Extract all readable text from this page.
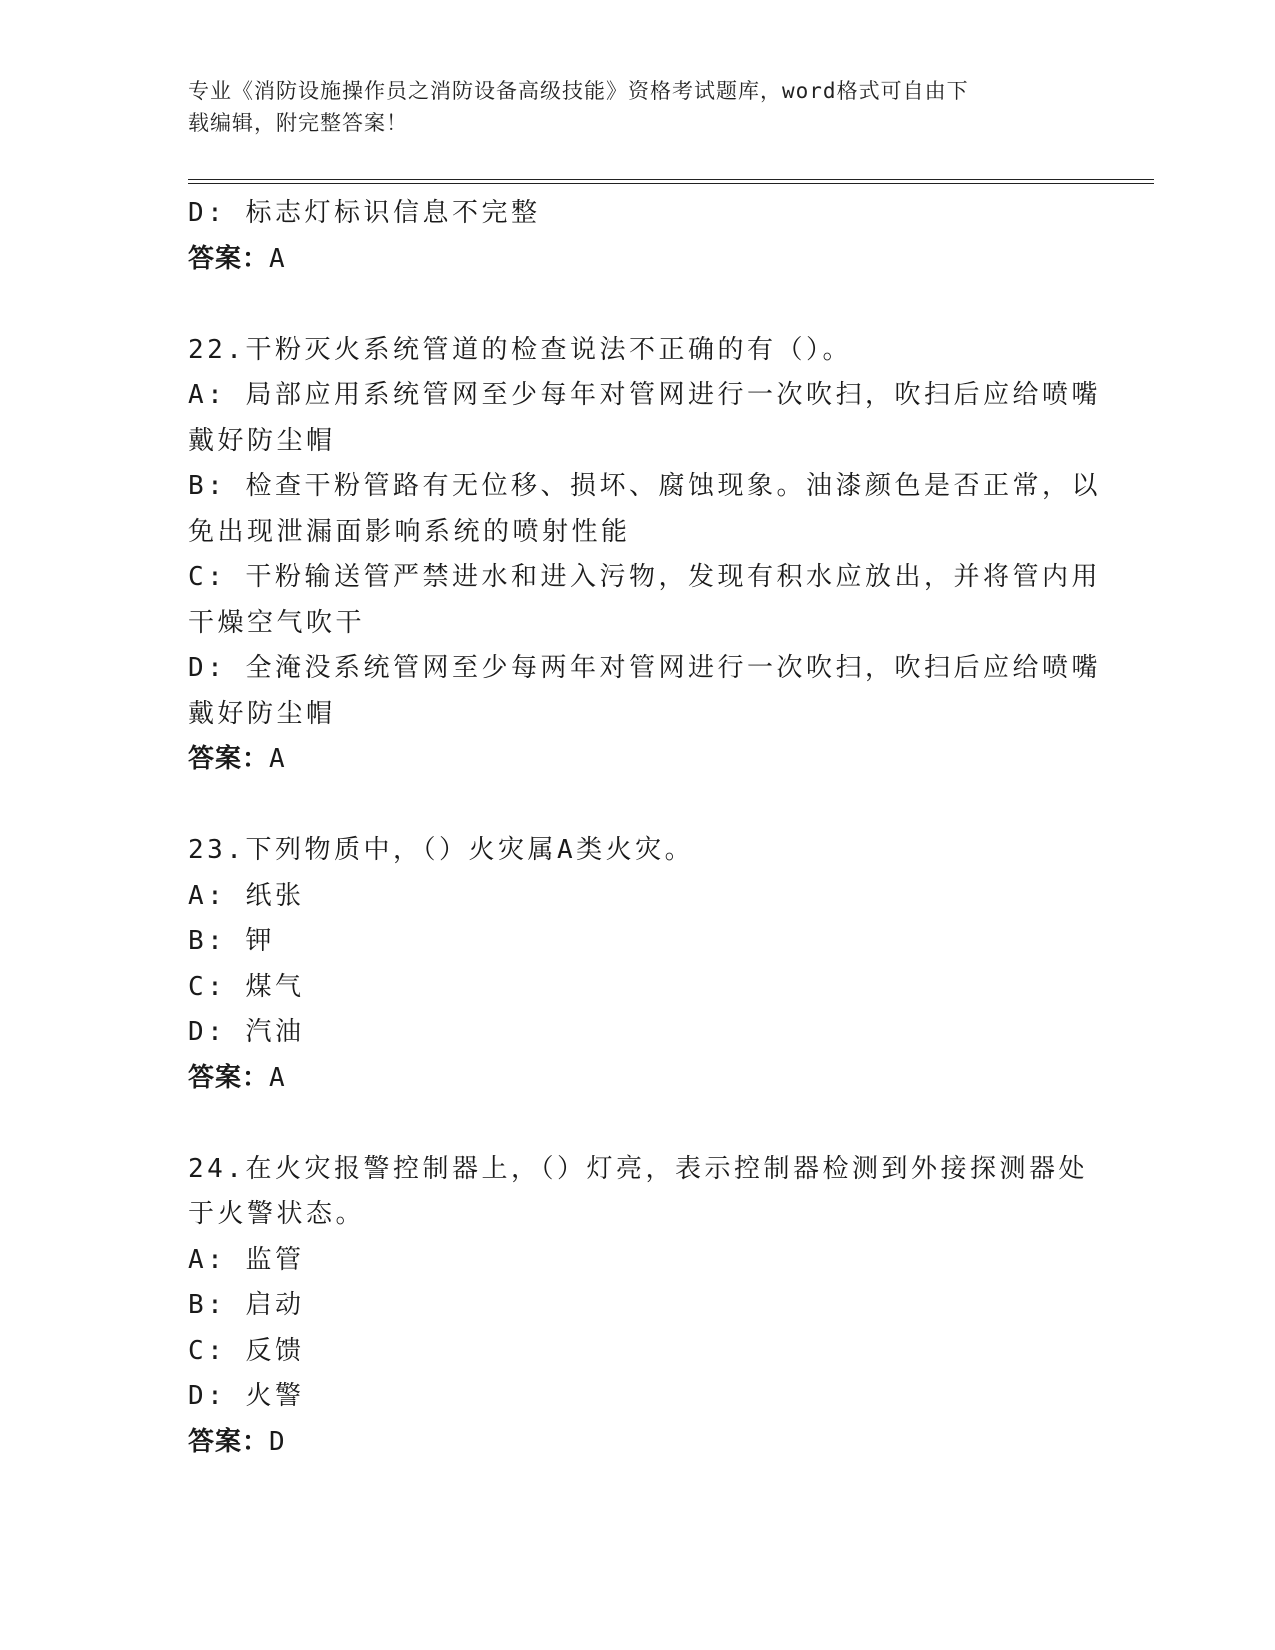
专业《消防设施操作员之消防设备高级技能》资格考试题库，word格式可自由下
载编辑，附完整答案！
D: 标志灯标识信息不完整
答案：A
22.干粉灭火系统管道的检查说法不正确的有（）。
A: 局部应用系统管网至少每年对管网进行一次吹扫，吹扫后应给喷嘴
戴好防尘帽
B: 检查干粉管路有无位移、损坏、腐蚀现象。油漆颜色是否正常，以
免出现泄漏面影响系统的喷射性能
C: 干粉输送管严禁进水和进入污物，发现有积水应放出，并将管内用
干燥空气吹干
D: 全淹没系统管网至少每两年对管网进行一次吹扫，吹扫后应给喷嘴
戴好防尘帽
答案：A
23.下列物质中，（）火灾属A类火灾。
A: 纸张
B: 钾
C: 煤气
D: 汽油
答案：A
24.在火灾报警控制器上，（）灯亮，表示控制器检测到外接探测器处
于火警状态。
A: 监管
B: 启动
C: 反馈
D: 火警
答案：D
